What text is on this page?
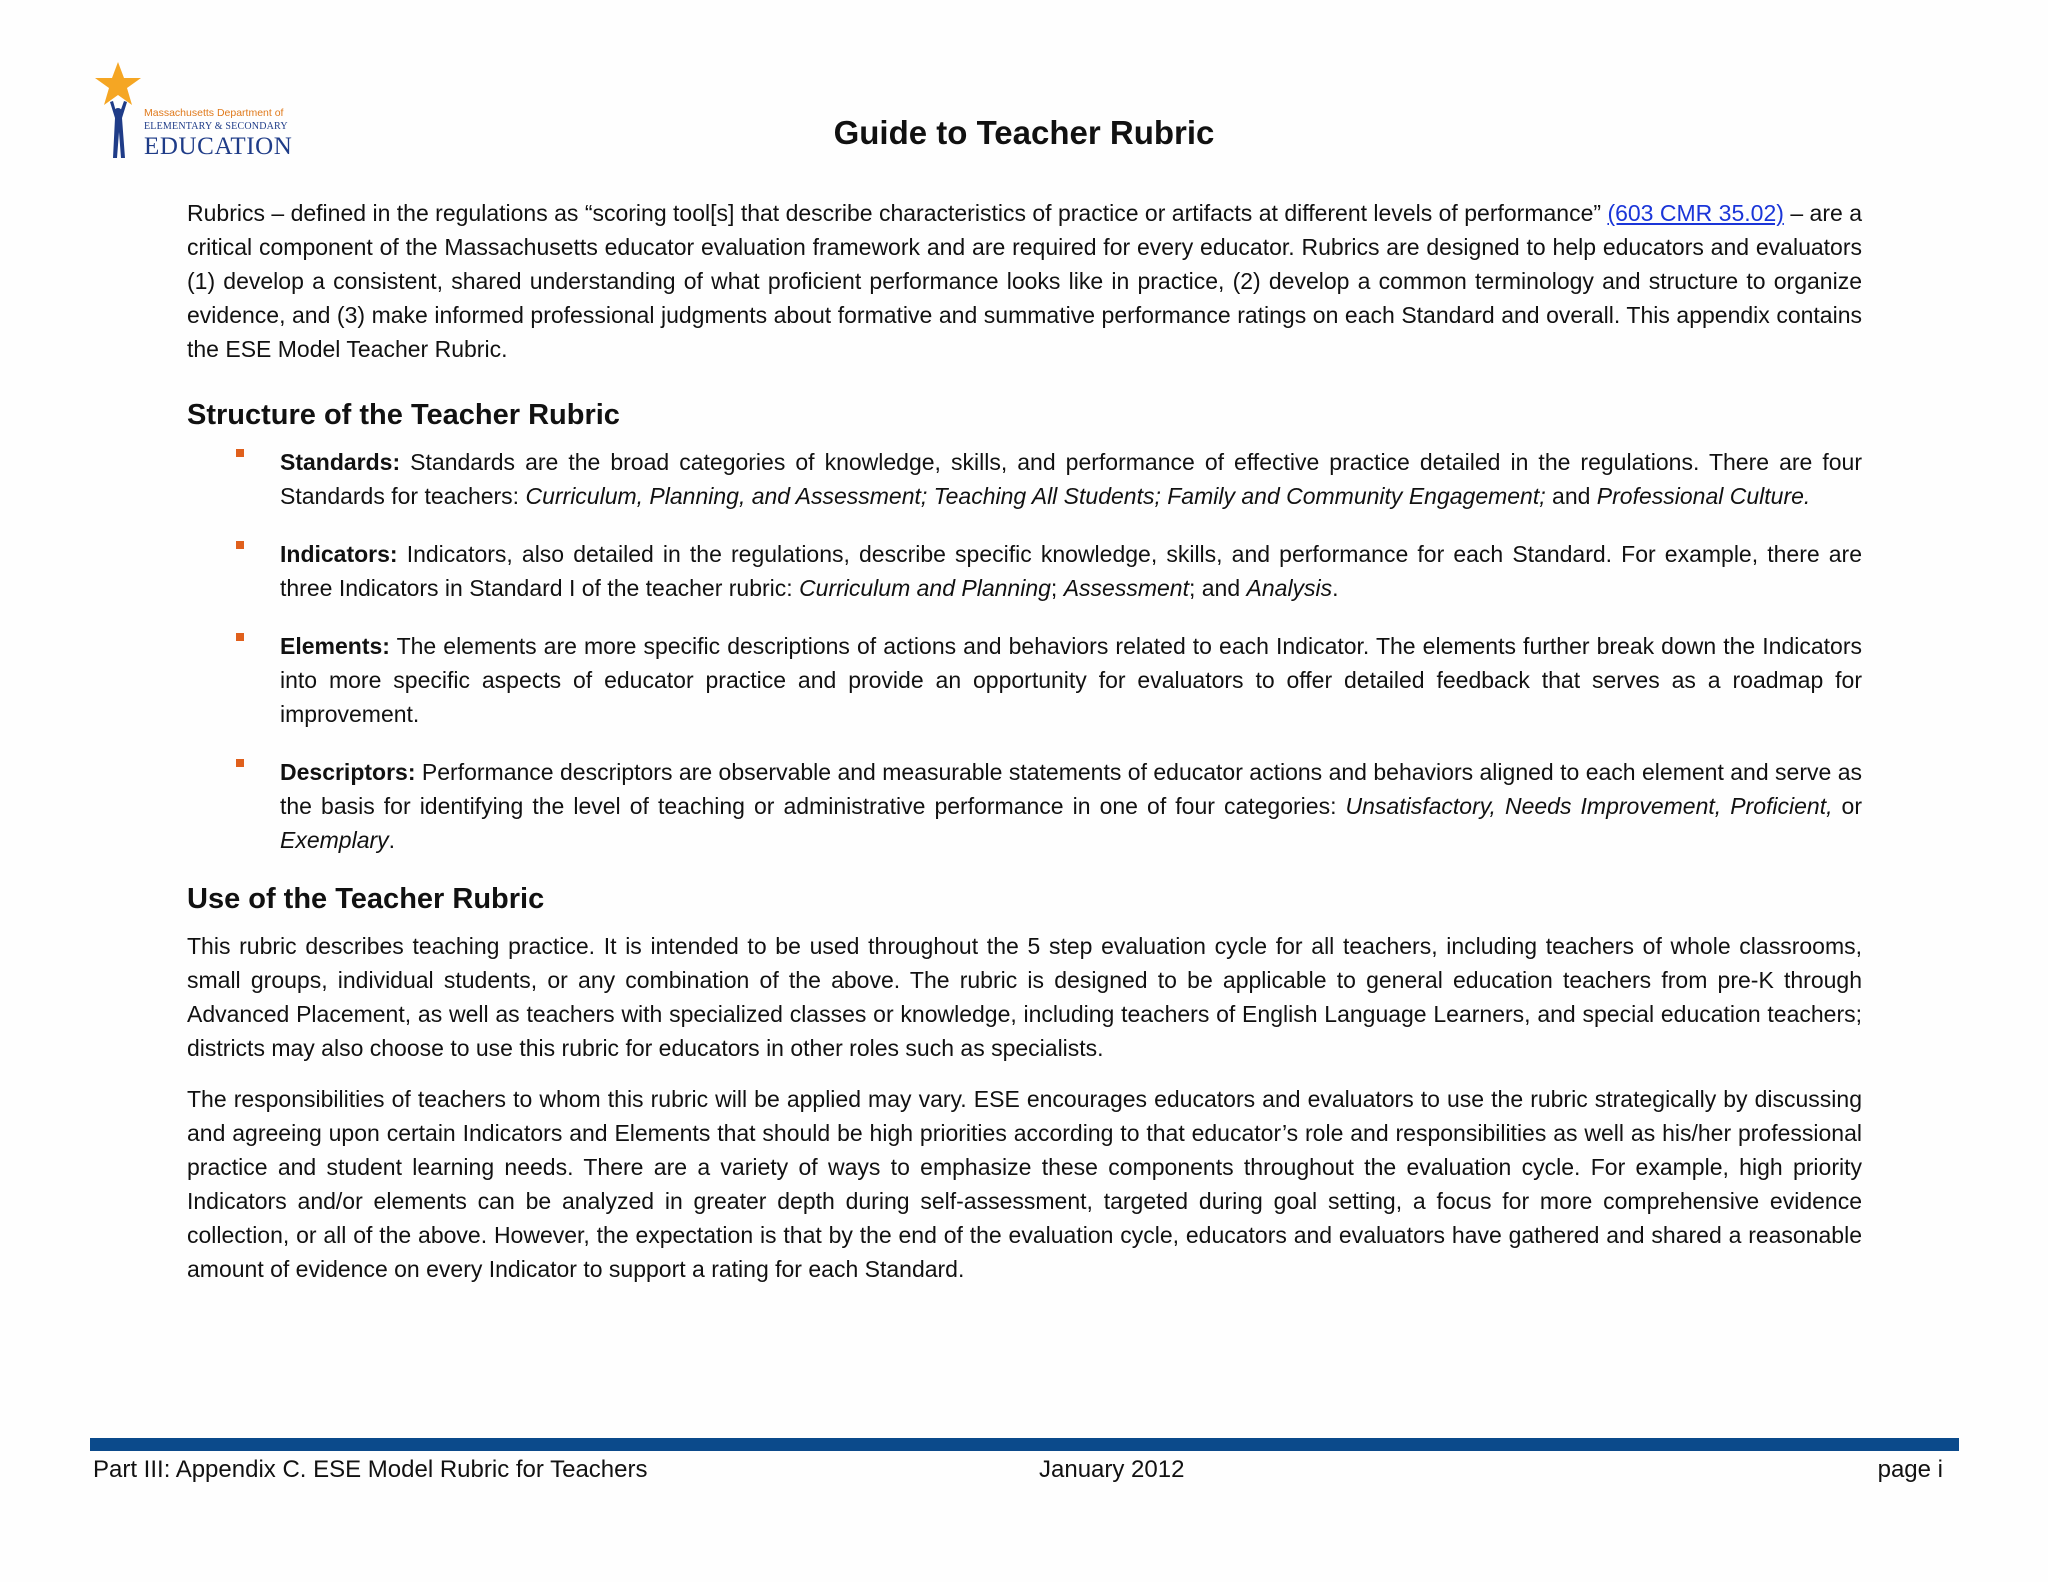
Massachusetts Department of
ELEMENTARY & SECONDARY
EDUCATION	Guide to Teacher Rubric

Rubrics – defined in the regulations as “scoring tool[s] that describe characteristics of practice or artifacts at different levels of performance” (603 CMR 35.02) – are a critical component of the Massachusetts educator evaluation framework and are required for every educator. Rubrics are designed to help educators and evaluators (1) develop a consistent, shared understanding of what proficient performance looks like in practice, (2) develop a common terminology and structure to organize evidence, and (3) make informed professional judgments about formative and summative performance ratings on each Standard and overall. This appendix contains the ESE Model Teacher Rubric.

Structure of the Teacher Rubric
Standards: Standards are the broad categories of knowledge, skills, and performance of effective practice detailed in the regulations. There are four Standards for teachers: Curriculum, Planning, and Assessment; Teaching All Students; Family and Community Engagement; and Professional Culture.
Indicators: Indicators, also detailed in the regulations, describe specific knowledge, skills, and performance for each Standard. For example, there are three Indicators in Standard I of the teacher rubric: Curriculum and Planning; Assessment; and Analysis.
Elements: The elements are more specific descriptions of actions and behaviors related to each Indicator. The elements further break down the Indicators into more specific aspects of educator practice and provide an opportunity for evaluators to offer detailed feedback that serves as a roadmap for improvement.
Descriptors: Performance descriptors are observable and measurable statements of educator actions and behaviors aligned to each element and serve as the basis for identifying the level of teaching or administrative performance in one of four categories: Unsatisfactory, Needs Improvement, Proficient, or Exemplary.
Use of the Teacher Rubric

This rubric describes teaching practice. It is intended to be used throughout the 5 step evaluation cycle for all teachers, including teachers of whole classrooms, small groups, individual students, or any combination of the above. The rubric is designed to be applicable to general education teachers from pre-K through Advanced Placement, as well as teachers with specialized classes or knowledge, including teachers of English Language Learners, and special education teachers; districts may also choose to use this rubric for educators in other roles such as specialists.

The responsibilities of teachers to whom this rubric will be applied may vary. ESE encourages educators and evaluators to use the rubric strategically by discussing and agreeing upon certain Indicators and Elements that should be high priorities according to that educator’s role and responsibilities as well as his/her professional practice and student learning needs. There are a variety of ways to emphasize these components throughout the evaluation cycle. For example, high priority Indicators and/or elements can be analyzed in greater depth during self-assessment, targeted during goal setting, a focus for more comprehensive evidence collection, or all of the above. However, the expectation is that by the end of the evaluation cycle, educators and evaluators have gathered and shared a reasonable amount of evidence on every Indicator to support a rating for each Standard.

Part III: Appendix C. ESE Model Rubric for Teachers	January 2012	page i
